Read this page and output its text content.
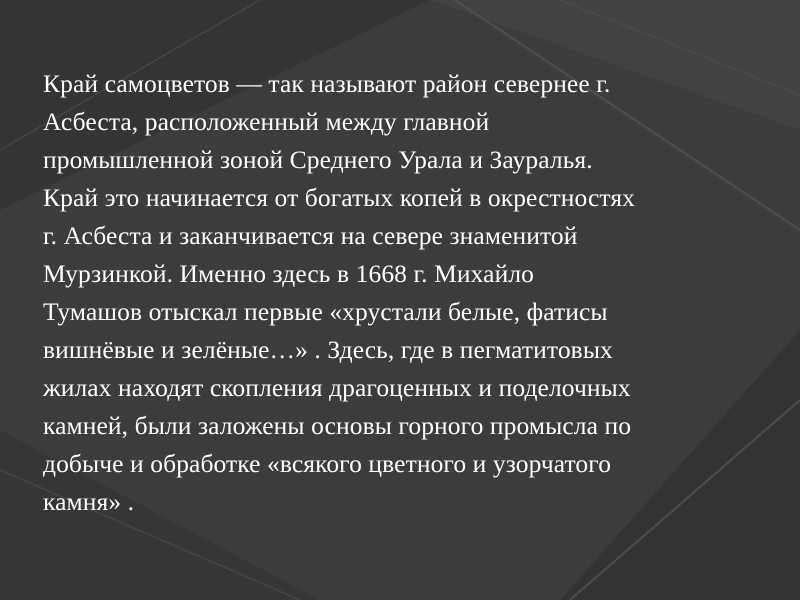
Край самоцветов — так называют район севернее г.

Асбеста, расположенный между главной

промышленной зоной Среднего Урала и Зауралья.

Край это начинается от богатых копей в окрестностях

г. Асбеста и заканчивается на севере знаменитой

Мурзинкой. Именно здесь в 1668 г. Михайло

Тумашов отыскал первые «хрустали белые, фатисы

вишнёвые и зелёные…» . Здесь, где в пегматитовых

жилах находят скопления драгоценных и поделочных

камней, были заложены основы горного промысла по

добыче и обработке «всякого цветного и узорчатого

камня» .
